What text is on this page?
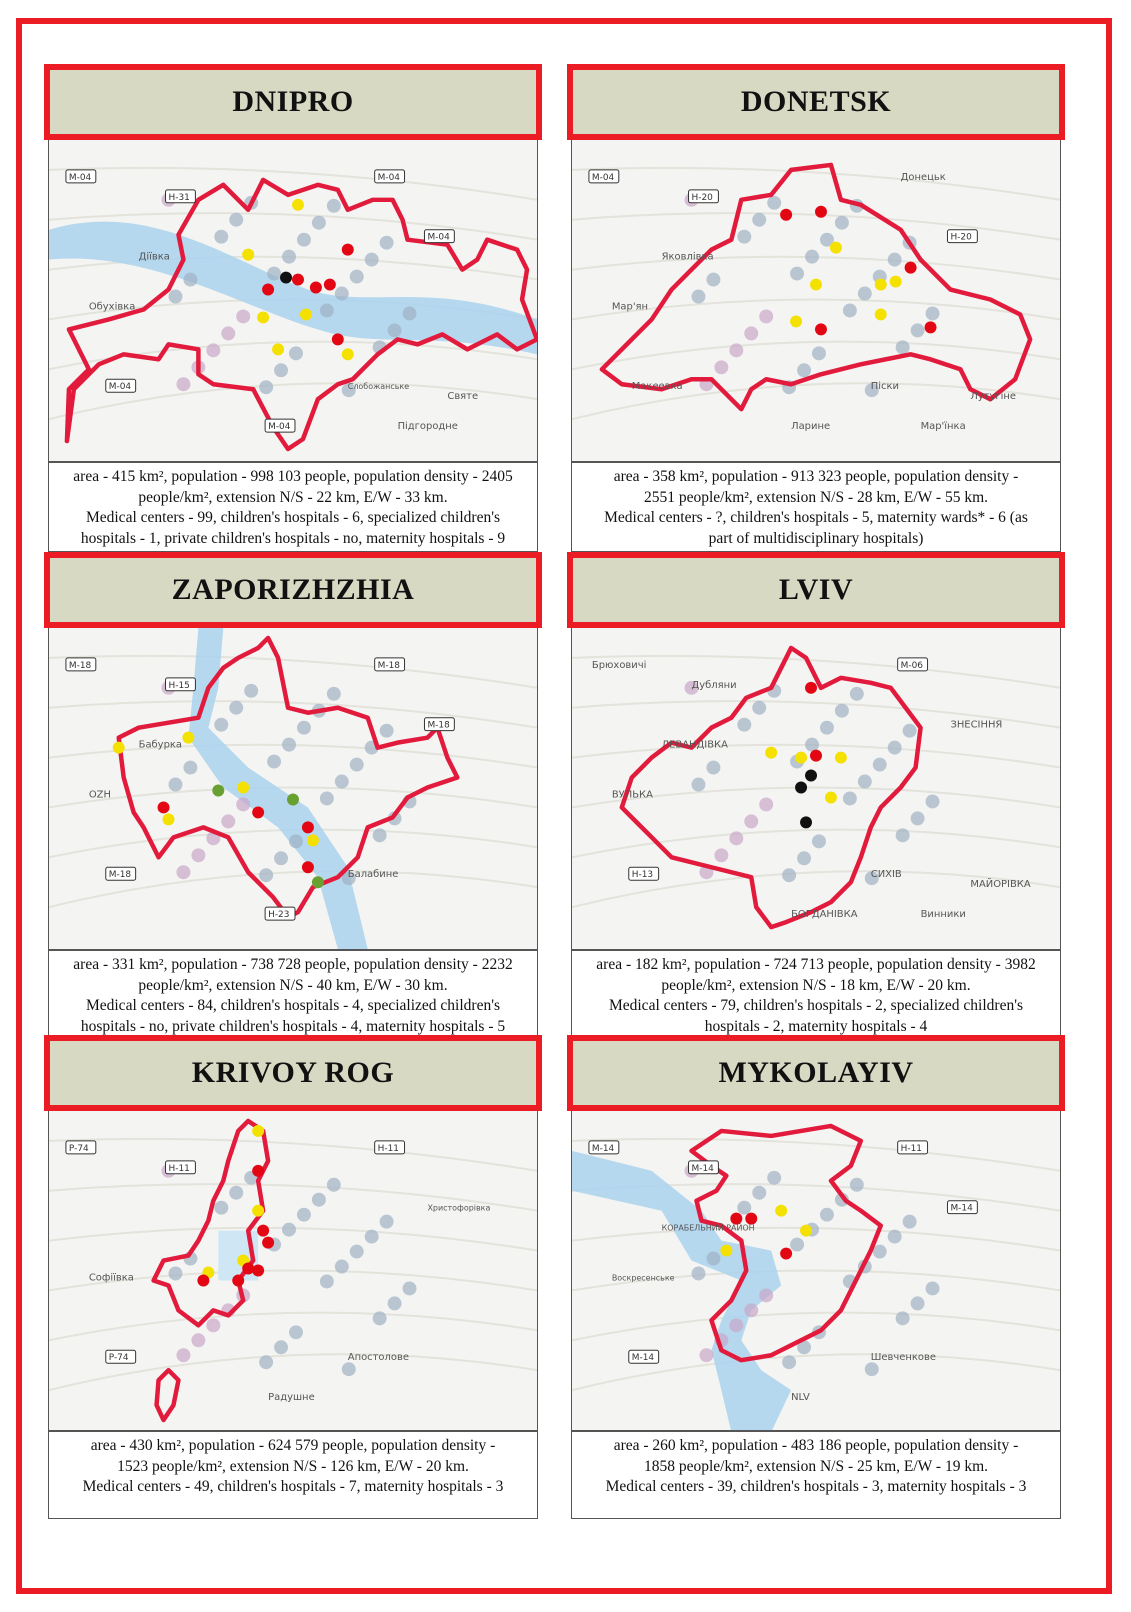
DNIPRO
M-04
H-31
M-04
M-04
M-04
M-04
Обухівка
Слобожанське
Діївка
Святе
Підгородне
area - 415 km², population - 998 103 people, population density - 2405
people/km², extension N/S - 22 km, E/W - 33 km.
Medical centers - 99, children's hospitals - 6, specialized children's
hospitals - 1, private children's hospitals - no, maternity hospitals - 9
DONETSK
M-04
H-20
Донецьк
Макеевка
H-20
Ларине
Мар'ян
Піски
Яковлівка
Лутугіне
Мар'їнка
area - 358 km², population - 913 323 people, population density -
2551 people/km², extension N/S - 28 km, E/W - 55 km.
Medical centers - ?, children's hospitals - 5, maternity wards* - 6 (as
part of multidisciplinary hospitals)
ZAPORIZHZHIA
M-18
H-15
M-18
M-18
M-18
H-23
OZH
Балабине
Бабурка
area - 331 km², population - 738 728 people, population density - 2232
people/km², extension N/S - 40 km, E/W - 30 km.
Medical centers - 84, children's hospitals - 4, specialized children's
hospitals - no, private children's hospitals - 4, maternity hospitals - 5
LVIV
Брюховичі
Дубляни
M-06
H-13
ЗНЕСІННЯ
БОГДАНІВКА
ВУЛЬКА
СИХІВ
ЛЕВАНДІВКА
МАЙОРІВКА
Винники
area - 182 km², population - 724 713 people, population density - 3982
people/km², extension N/S - 18 km, E/W - 20 km.
Medical centers - 79, children's hospitals - 2, specialized children's
hospitals - 2, maternity hospitals - 4
KRIVOY ROG
P-74
H-11
H-11
P-74
Христофорівка
Радушне
Софіївка
Апостолове
area - 430 km², population - 624 579 people, population density -
1523 people/km², extension N/S - 126 km, E/W - 20 km.
Medical centers - 49, children's hospitals - 7, maternity hospitals - 3
MYKOLAYIV
M-14
M-14
H-11
M-14
M-14
NLV
Воскресенське
Шевченкове
КОРАБЕЛЬНИЙ РАЙОН
area - 260 km², population - 483 186 people, population density -
1858 people/km², extension N/S - 25 km, E/W - 19 km.
Medical centers - 39, children's hospitals - 3, maternity hospitals - 3
